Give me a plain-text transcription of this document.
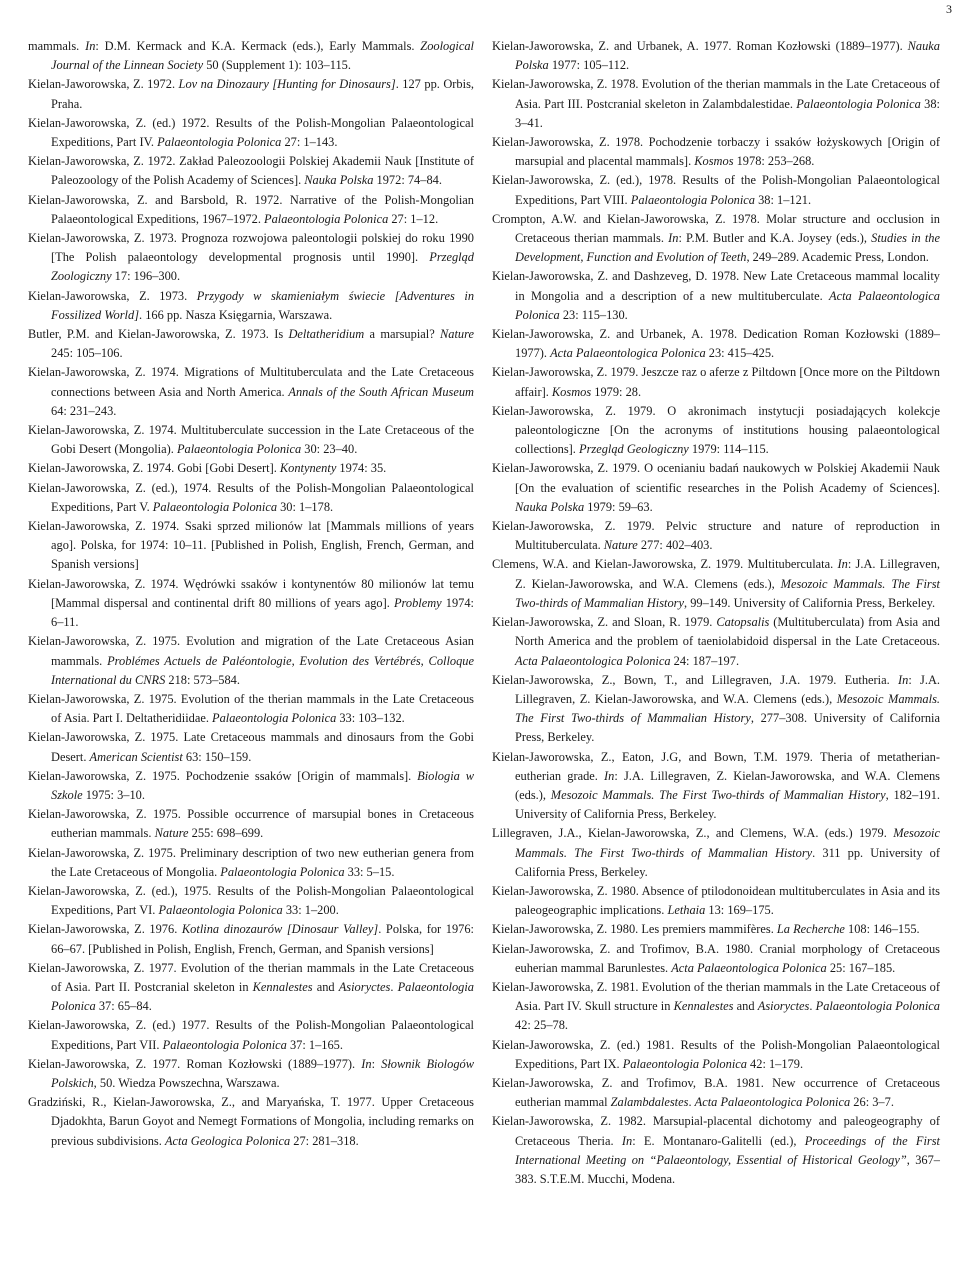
3

mammals. In: D.M. Kermack and K.A. Kermack (eds.), Early Mammals. Zoological Journal of the Linnean Society 50 (Supplement 1): 103–115.

Kielan-Jaworowska, Z. 1972. Lov na Dinozaury [Hunting for Dinosaurs]. 127 pp. Orbis, Praha.

Kielan-Jaworowska, Z. (ed.) 1972. Results of the Polish-Mongolian Palaeontological Expeditions, Part IV. Palaeontologia Polonica 27: 1–143.

Kielan-Jaworowska, Z. 1972. Zakład Paleozoologii Polskiej Akademii Nauk [Institute of Paleozoology of the Polish Academy of Sciences]. Nauka Polska 1972: 74–84.

Kielan-Jaworowska, Z. and Barsbold, R. 1972. Narrative of the Polish-Mongolian Palaeontological Expeditions, 1967–1972. Palaeontologia Polonica 27: 1–12.

Kielan-Jaworowska, Z. 1973. Prognoza rozwojowa paleontologii polskiej do roku 1990 [The Polish palaeontology developmental prognosis until 1990]. Przegląd Zoologiczny 17: 196–300.

Kielan-Jaworowska, Z. 1973. Przygody w skamieniałym świecie [Adventures in Fossilized World]. 166 pp. Nasza Księgarnia, Warszawa.

Butler, P.M. and Kielan-Jaworowska, Z. 1973. Is Deltatheridium a marsupial? Nature 245: 105–106.

Kielan-Jaworowska, Z. 1974. Migrations of Multituberculata and the Late Cretaceous connections between Asia and North America. Annals of the South African Museum 64: 231–243.

Kielan-Jaworowska, Z. 1974. Multituberculate succession in the Late Cretaceous of the Gobi Desert (Mongolia). Palaeontologia Polonica 30: 23–40.

Kielan-Jaworowska, Z. 1974. Gobi [Gobi Desert]. Kontynenty 1974: 35.

Kielan-Jaworowska, Z. (ed.), 1974. Results of the Polish-Mongolian Palaeontological Expeditions, Part V. Palaeontologia Polonica 30: 1–178.

Kielan-Jaworowska, Z. 1974. Ssaki sprzed milionów lat [Mammals millions of years ago]. Polska, for 1974: 10–11. [Published in Polish, English, French, German, and Spanish versions]

Kielan-Jaworowska, Z. 1974. Wędrówki ssaków i kontynentów 80 milionów lat temu [Mammal dispersal and continental drift 80 millions of years ago]. Problemy 1974: 6–11.

Kielan-Jaworowska, Z. 1975. Evolution and migration of the Late Cretaceous Asian mammals. Problémes Actuels de Paléontologie, Evolution des Vertébrés, Colloque International du CNRS 218: 573–584.

Kielan-Jaworowska, Z. 1975. Evolution of the therian mammals in the Late Cretaceous of Asia. Part I. Deltatheridiidae. Palaeontologia Polonica 33: 103–132.

Kielan-Jaworowska, Z. 1975. Late Cretaceous mammals and dinosaurs from the Gobi Desert. American Scientist 63: 150–159.

Kielan-Jaworowska, Z. 1975. Pochodzenie ssaków [Origin of mammals]. Biologia w Szkole 1975: 3–10.

Kielan-Jaworowska, Z. 1975. Possible occurrence of marsupial bones in Cretaceous eutherian mammals. Nature 255: 698–699.

Kielan-Jaworowska, Z. 1975. Preliminary description of two new eutherian genera from the Late Cretaceous of Mongolia. Palaeontologia Polonica 33: 5–15.

Kielan-Jaworowska, Z. (ed.), 1975. Results of the Polish-Mongolian Palaeontological Expeditions, Part VI. Palaeontologia Polonica 33: 1–200.

Kielan-Jaworowska, Z. 1976. Kotlina dinozaurów [Dinosaur Valley]. Polska, for 1976: 66–67. [Published in Polish, English, French, German, and Spanish versions]

Kielan-Jaworowska, Z. 1977. Evolution of the therian mammals in the Late Cretaceous of Asia. Part II. Postcranial skeleton in Kennalestes and Asioryctes. Palaeontologia Polonica 37: 65–84.

Kielan-Jaworowska, Z. (ed.) 1977. Results of the Polish-Mongolian Palaeontological Expeditions, Part VII. Palaeontologia Polonica 37: 1–165.

Kielan-Jaworowska, Z. 1977. Roman Kozłowski (1889–1977). In: Słownik Biologów Polskich, 50. Wiedza Powszechna, Warszawa.

Gradziński, R., Kielan-Jaworowska, Z., and Maryańska, T. 1977. Upper Cretaceous Djadokhta, Barun Goyot and Nemegt Formations of Mongolia, including remarks on previous subdivisions. Acta Geologica Polonica 27: 281–318.

Kielan-Jaworowska, Z. and Urbanek, A. 1977. Roman Kozłowski (1889–1977). Nauka Polska 1977: 105–112.

Kielan-Jaworowska, Z. 1978. Evolution of the therian mammals in the Late Cretaceous of Asia. Part III. Postcranial skeleton in Zalambdalestidae. Palaeontologia Polonica 38: 3–41.

Kielan-Jaworowska, Z. 1978. Pochodzenie torbaczy i ssaków łożyskowych [Origin of marsupial and placental mammals]. Kosmos 1978: 253–268.

Kielan-Jaworowska, Z. (ed.), 1978. Results of the Polish-Mongolian Palaeontological Expeditions, Part VIII. Palaeontologia Polonica 38: 1–121.

Crompton, A.W. and Kielan-Jaworowska, Z. 1978. Molar structure and occlusion in Cretaceous therian mammals. In: P.M. Butler and K.A. Joysey (eds.), Studies in the Development, Function and Evolution of Teeth, 249–289. Academic Press, London.

Kielan-Jaworowska, Z. and Dashzeveg, D. 1978. New Late Cretaceous mammal locality in Mongolia and a description of a new multituberculate. Acta Palaeontologica Polonica 23: 115–130.

Kielan-Jaworowska, Z. and Urbanek, A. 1978. Dedication Roman Kozłowski (1889–1977). Acta Palaeontologica Polonica 23: 415–425.

Kielan-Jaworowska, Z. 1979. Jeszcze raz o aferze z Piltdown [Once more on the Piltdown affair]. Kosmos 1979: 28.

Kielan-Jaworowska, Z. 1979. O akronimach instytucji posiadających kolekcje paleontologiczne [On the acronyms of institutions housing palaeontological collections]. Przegląd Geologiczny 1979: 114–115.

Kielan-Jaworowska, Z. 1979. O ocenianiu badań naukowych w Polskiej Akademii Nauk [On the evaluation of scientific researches in the Polish Academy of Sciences]. Nauka Polska 1979: 59–63.

Kielan-Jaworowska, Z. 1979. Pelvic structure and nature of reproduction in Multituberculata. Nature 277: 402–403.

Clemens, W.A. and Kielan-Jaworowska, Z. 1979. Multituberculata. In: J.A. Lillegraven, Z. Kielan-Jaworowska, and W.A. Clemens (eds.), Mesozoic Mammals. The First Two-thirds of Mammalian History, 99–149. University of California Press, Berkeley.

Kielan-Jaworowska, Z. and Sloan, R. 1979. Catopsalis (Multituberculata) from Asia and North America and the problem of taeniolabidoid dispersal in the Late Cretaceous. Acta Palaeontologica Polonica 24: 187–197.

Kielan-Jaworowska, Z., Bown, T., and Lillegraven, J.A. 1979. Eutheria. In: J.A. Lillegraven, Z. Kielan-Jaworowska, and W.A. Clemens (eds.), Mesozoic Mammals. The First Two-thirds of Mammalian History, 277–308. University of California Press, Berkeley.

Kielan-Jaworowska, Z., Eaton, J.G, and Bown, T.M. 1979. Theria of metatherian-eutherian grade. In: J.A. Lillegraven, Z. Kielan-Jaworowska, and W.A. Clemens (eds.), Mesozoic Mammals. The First Two-thirds of Mammalian History, 182–191. University of California Press, Berkeley.

Lillegraven, J.A., Kielan-Jaworowska, Z., and Clemens, W.A. (eds.) 1979. Mesozoic Mammals. The First Two-thirds of Mammalian History. 311 pp. University of California Press, Berkeley.

Kielan-Jaworowska, Z. 1980. Absence of ptilodonoidean multituberculates in Asia and its paleogeographic implications. Lethaia 13: 169–175.

Kielan-Jaworowska, Z. 1980. Les premiers mammifères. La Recherche 108: 146–155.

Kielan-Jaworowska, Z. and Trofimov, B.A. 1980. Cranial morphology of Cretaceous euherian mammal Barunlestes. Acta Palaeontologica Polonica 25: 167–185.

Kielan-Jaworowska, Z. 1981. Evolution of the therian mammals in the Late Cretaceous of Asia. Part IV. Skull structure in Kennalestes and Asioryctes. Palaeontologia Polonica 42: 25–78.

Kielan-Jaworowska, Z. (ed.) 1981. Results of the Polish-Mongolian Palaeontological Expeditions, Part IX. Palaeontologia Polonica 42: 1–179.

Kielan-Jaworowska, Z. and Trofimov, B.A. 1981. New occurrence of Cretaceous eutherian mammal Zalambdalestes. Acta Palaeontologica Polonica 26: 3–7.

Kielan-Jaworowska, Z. 1982. Marsupial-placental dichotomy and paleogeography of Cretaceous Theria. In: E. Montanaro-Galitelli (ed.), Proceedings of the First International Meeting on “Palaeontology, Essential of Historical Geology”, 367–383. S.T.E.M. Mucchi, Modena.
